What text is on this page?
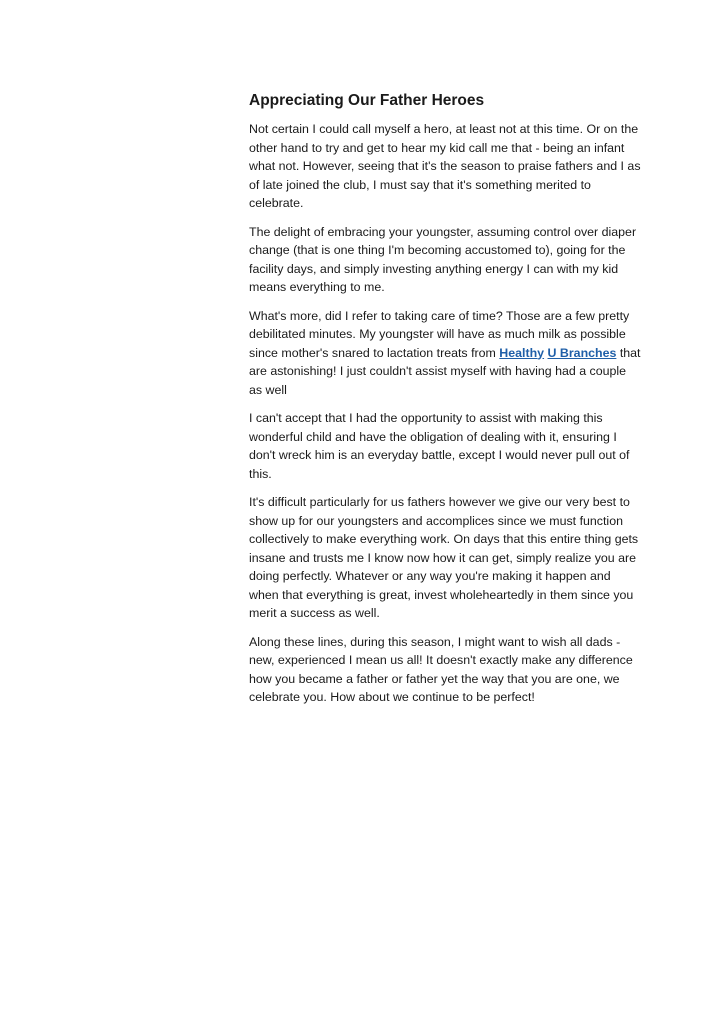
Appreciating Our Father Heroes

Not certain I could call myself a hero, at least not at this time. Or on the other hand to try and get to hear my kid call me that - being an infant what not. However, seeing that it's the season to praise fathers and I as of late joined the club, I must say that it's something merited to celebrate.

The delight of embracing your youngster, assuming control over diaper change (that is one thing I'm becoming accustomed to), going for the facility days, and simply investing anything energy I can with my kid means everything to me.

What's more, did I refer to taking care of time? Those are a few pretty debilitated minutes. My youngster will have as much milk as possible since mother's snared to lactation treats from Healthy U Branches that are astonishing! I just couldn't assist myself with having had a couple as well

I can't accept that I had the opportunity to assist with making this wonderful child and have the obligation of dealing with it, ensuring I don't wreck him is an everyday battle, except I would never pull out of this.

It's difficult particularly for us fathers however we give our very best to show up for our youngsters and accomplices since we must function collectively to make everything work. On days that this entire thing gets insane and trusts me I know now how it can get, simply realize you are doing perfectly. Whatever or any way you're making it happen and when that everything is great, invest wholeheartedly in them since you merit a success as well.

Along these lines, during this season, I might want to wish all dads - new, experienced I mean us all! It doesn't exactly make any difference how you became a father or father yet the way that you are one, we celebrate you. How about we continue to be perfect!
